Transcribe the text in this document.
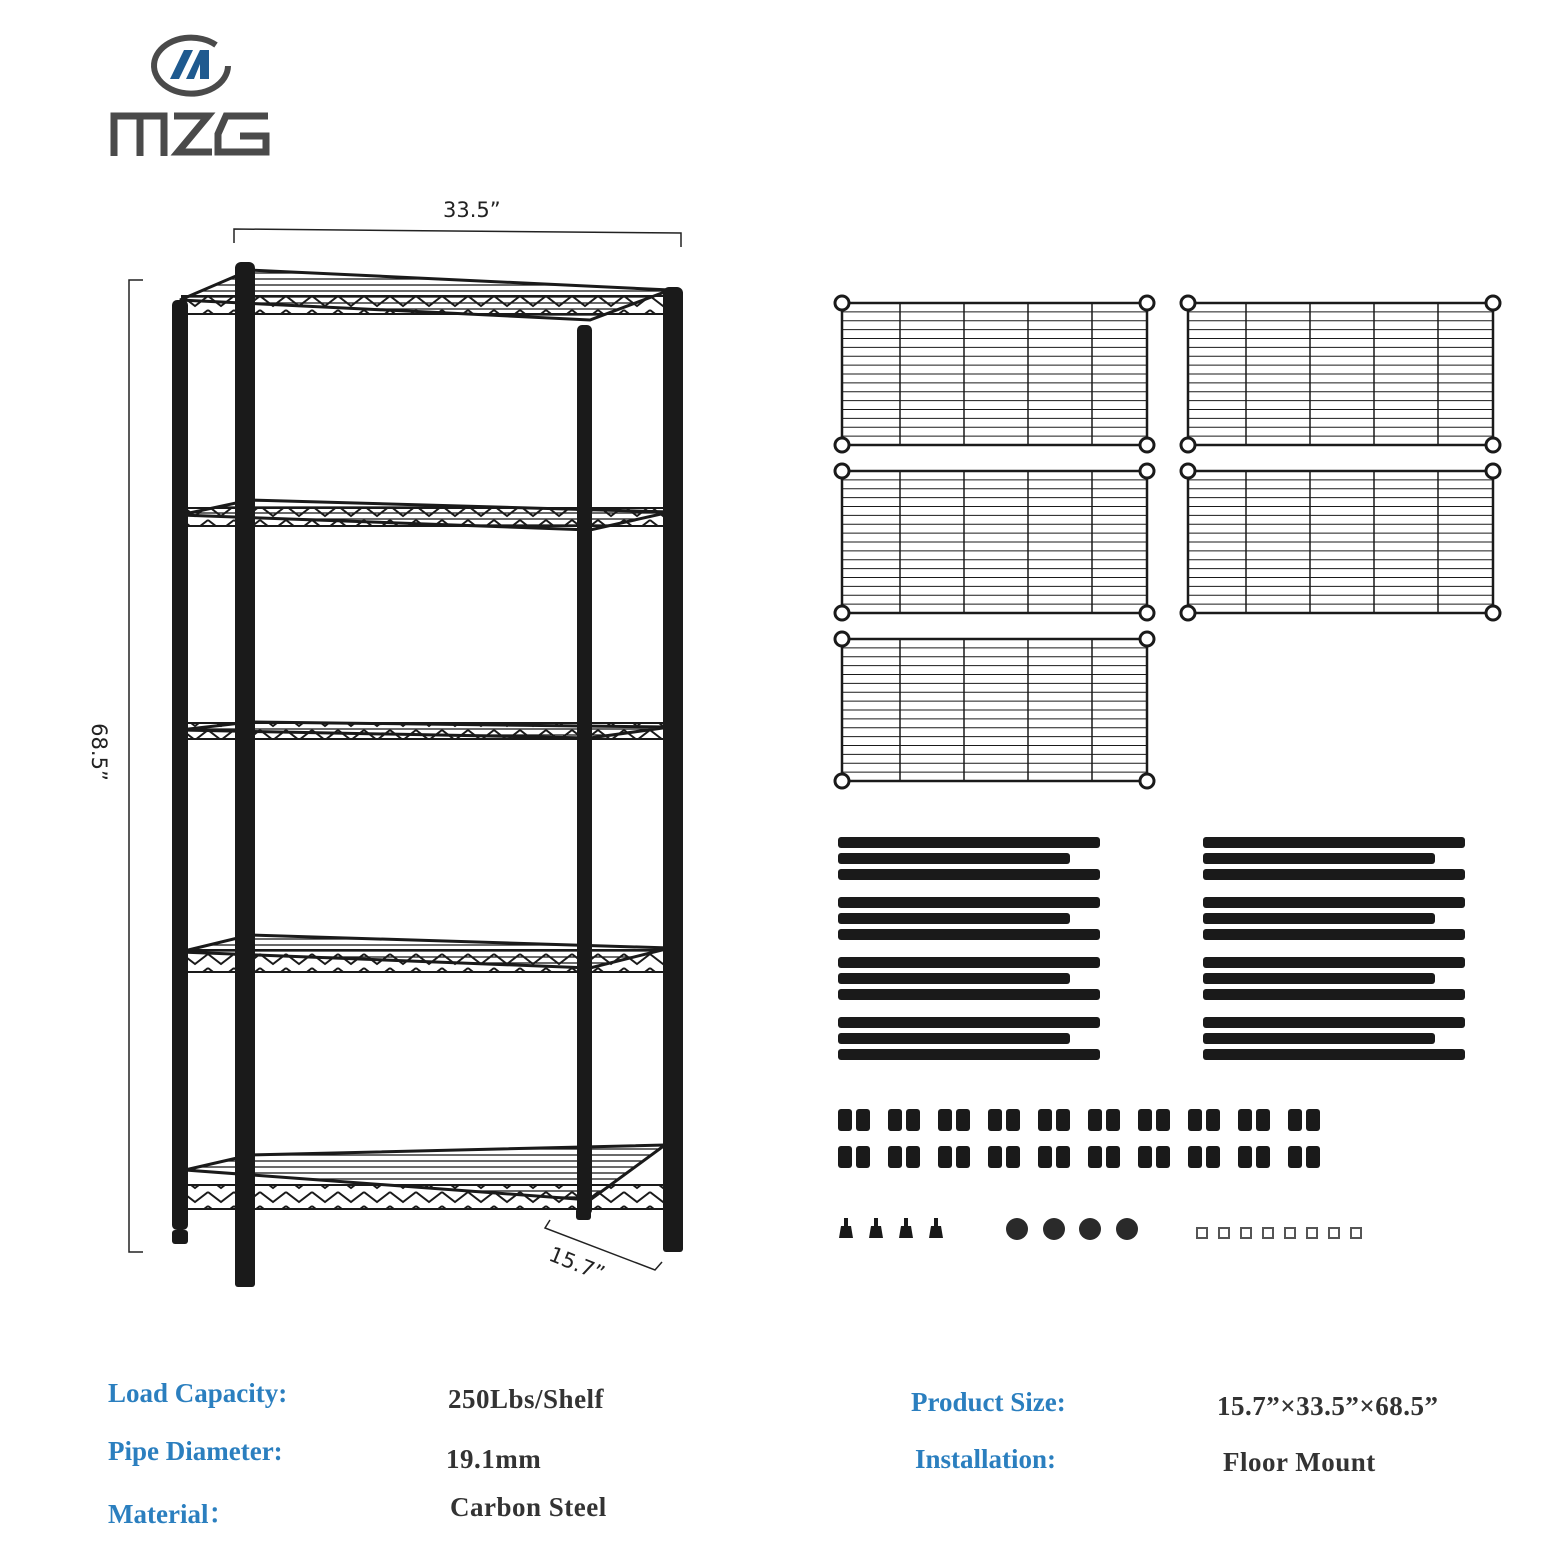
33.5”
68.5”
15.7”
Load Capacity:	250Lbs/Shelf
Pipe Diameter:	19.1mm
Material：	Carbon Steel
Product Size:	15.7”×33.5”×68.5”
Installation:	Floor Mount
